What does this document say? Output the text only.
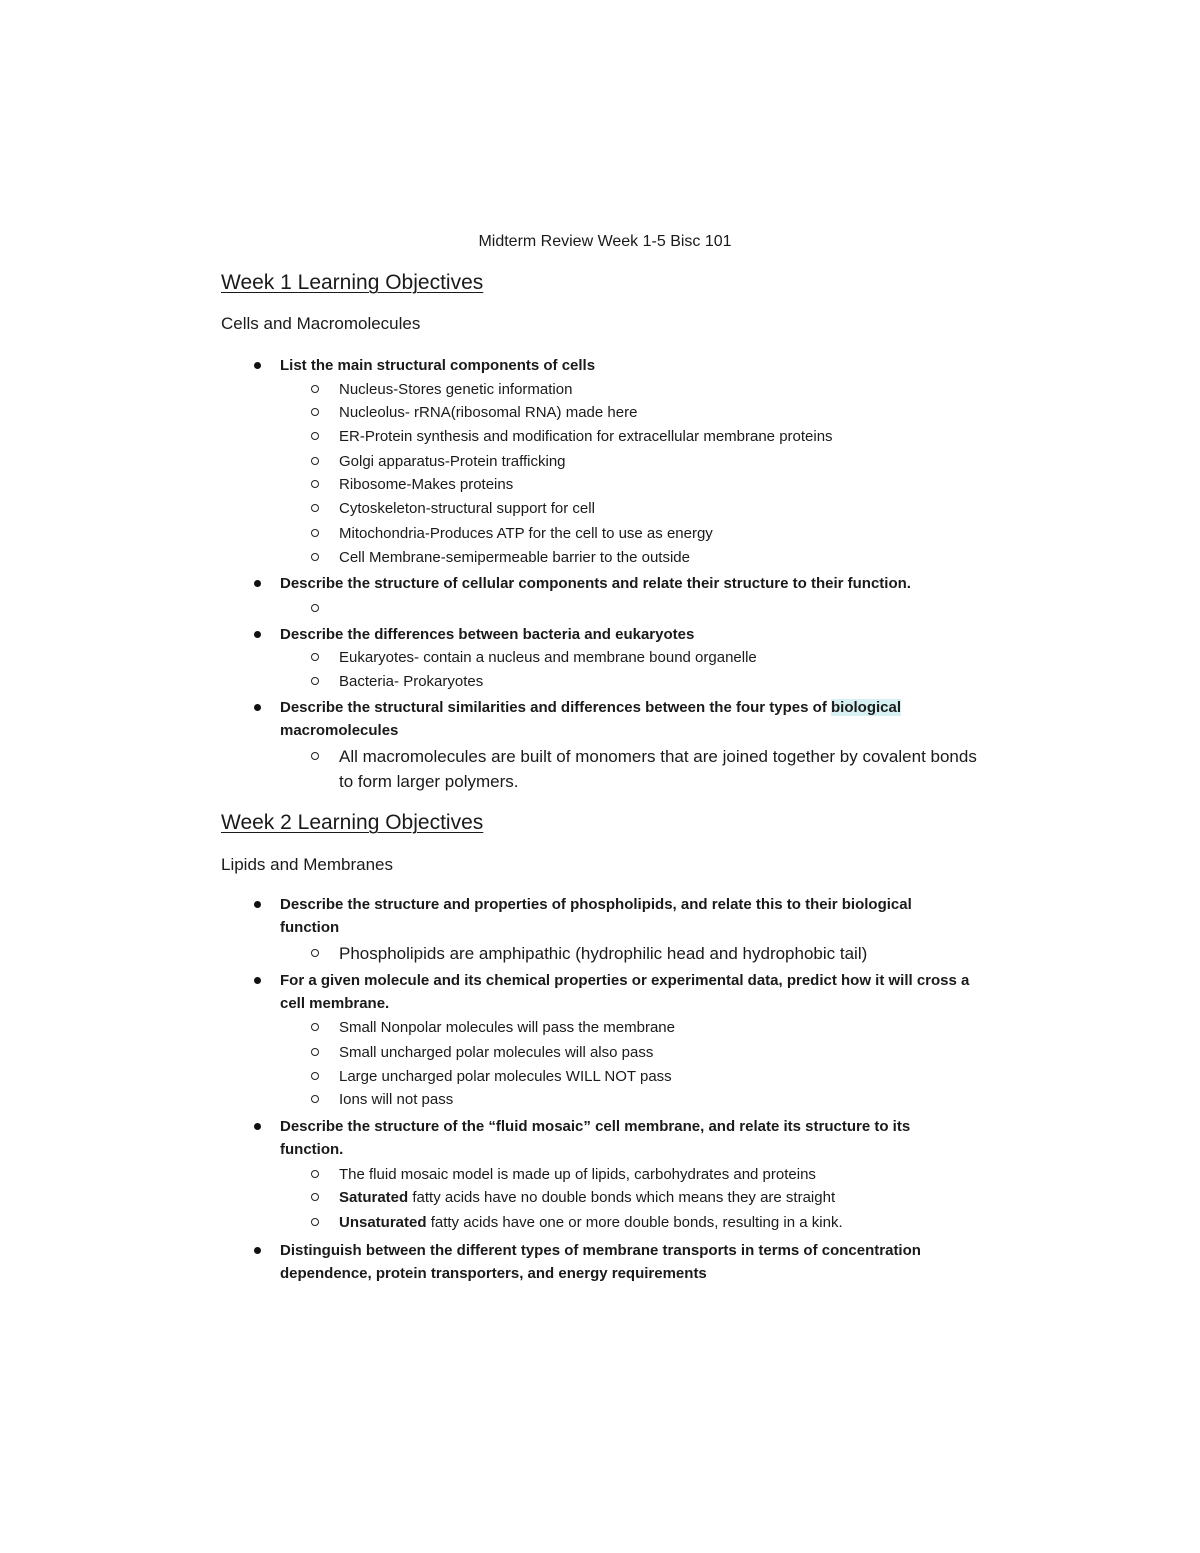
Midterm Review Week 1-5 Bisc 101
Week 1 Learning Objectives
Cells and Macromolecules
List the main structural components of cells
Nucleus-Stores genetic information
Nucleolus- rRNA(ribosomal RNA) made here
ER-Protein synthesis and modification for extracellular membrane proteins
Golgi apparatus-Protein trafficking
Ribosome-Makes proteins
Cytoskeleton-structural support for cell
Mitochondria-Produces ATP for the cell to use as energy
Cell Membrane-semipermeable barrier to the outside
Describe the structure of cellular components and relate their structure to their function.
Describe the differences between bacteria and eukaryotes
Eukaryotes- contain a nucleus and membrane bound organelle
Bacteria- Prokaryotes
Describe the structural similarities and differences between the four types of biological macromolecules
All macromolecules are built of monomers that are joined together by covalent bonds to form larger polymers.
Week 2 Learning Objectives
Lipids and Membranes
Describe the structure and properties of phospholipids, and relate this to their biological function
Phospholipids are amphipathic (hydrophilic head and hydrophobic tail)
For a given molecule and its chemical properties or experimental data, predict how it will cross a cell membrane.
Small Nonpolar molecules will pass the membrane
Small uncharged polar molecules will also pass
Large uncharged polar molecules WILL NOT pass
Ions will not pass
Describe the structure of the “fluid mosaic” cell membrane, and relate its structure to its function.
The fluid mosaic model is made up of lipids, carbohydrates and proteins
Saturated fatty acids have no double bonds which means they are straight
Unsaturated fatty acids have one or more double bonds, resulting in a kink.
Distinguish between the different types of membrane transports in terms of concentration dependence, protein transporters, and energy requirements
